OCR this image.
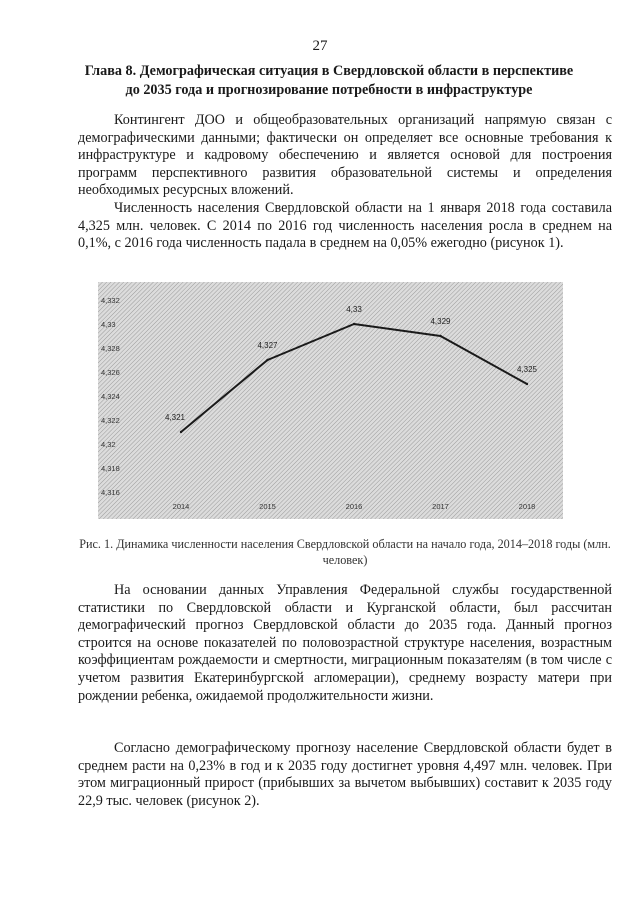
27
Глава 8. Демографическая ситуация в Свердловской области в перспективе до 2035 года и прогнозирование потребности в инфраструктуре

Контингент ДОО и общеобразовательных организаций напрямую связан с демографическими данными; фактически он определяет все основные требования к инфраструктуре и кадровому обеспечению и является основой для построения программ перспективного развития образовательной системы и определения необходимых ресурсных вложений.

Численность населения Свердловской области на 1 января 2018 года составила 4,325 млн. человек. С 2014 по 2016 год численность населения росла в среднем на 0,1%, с 2016 года численность падала в среднем на 0,05% ежегодно (рисунок 1).

4,332
4,33
4,328
4,326
4,324
4,322
4,32
4,318
4,316
2014	2015	2016	2017	2018
4,321
4,327
4,33
4,329
4,325
Рис. 1. Динамика численности населения Свердловской области на начало года, 2014–2018 годы (млн. человек)

На основании данных Управления Федеральной службы государственной статистики по Свердловской области и Курганской области, был рассчитан демографический прогноз Свердловской области до 2035 года. Данный прогноз строится на основе показателей по половозрастной структуре населения, возрастным коэффициентам рождаемости и смертности, миграционным показателям (в том числе с учетом развития Екатеринбургской агломерации), среднему возрасту матери при рождении ребенка, ожидаемой продолжительности жизни.

Согласно демографическому прогнозу население Свердловской области будет в среднем расти на 0,23% в год и к 2035 году достигнет уровня 4,497 млн. человек. При этом миграционный прирост (прибывших за вычетом выбывших) составит к 2035 году 22,9 тыс. человек (рисунок 2).
